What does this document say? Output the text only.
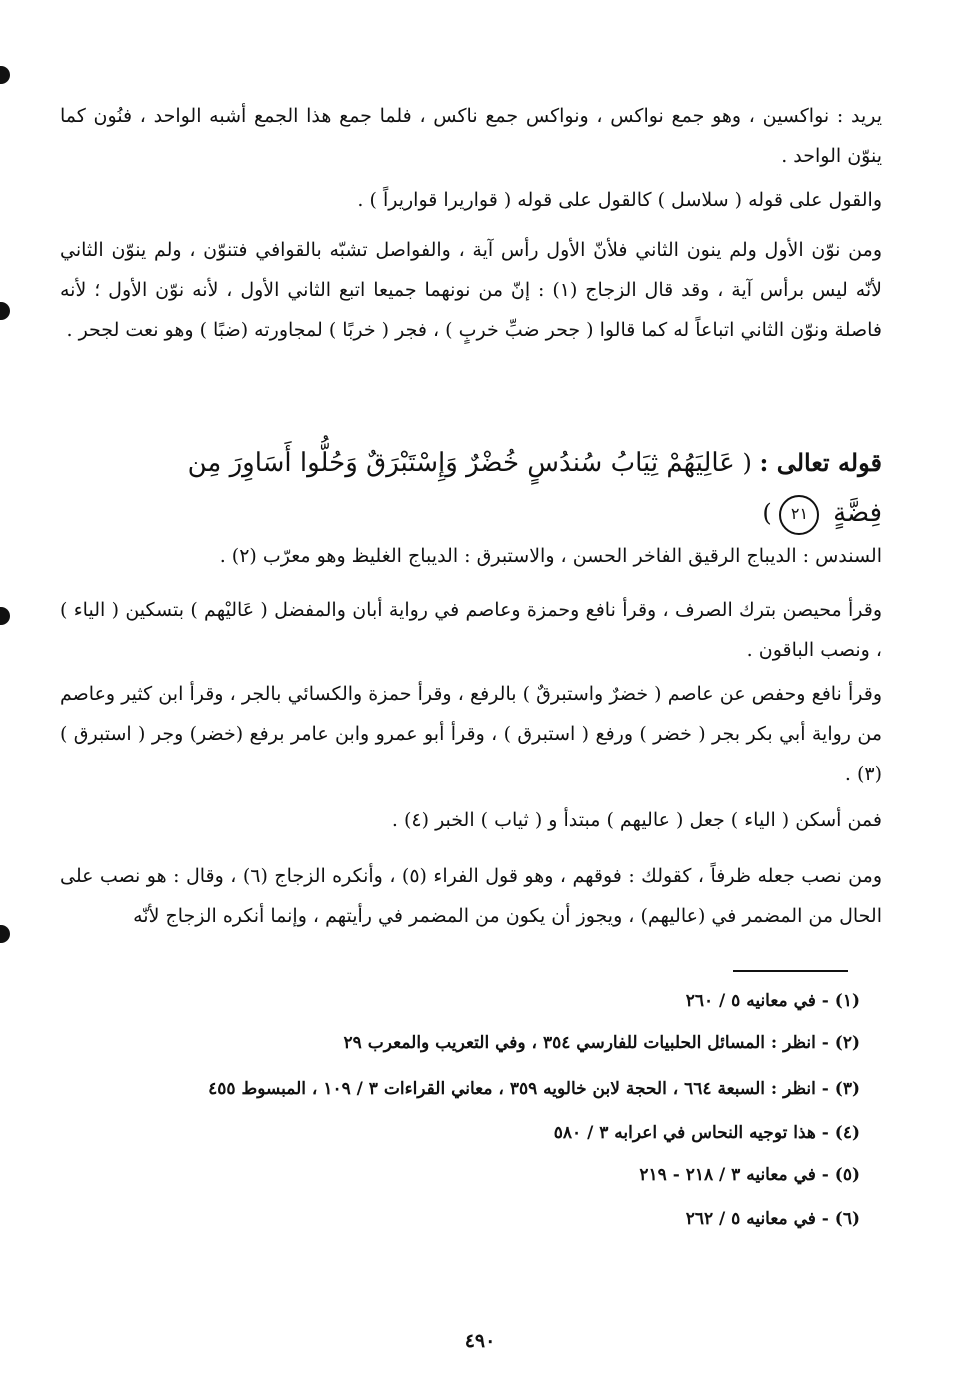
يريد : نواكسين ، وهو جمع نواكس ، ونواكس جمع ناكس ، فلما جمع هذا الجمع أشبه الواحد ، فنُون كما ينوّن الواحد .

والقول على قوله ( سلاسل ) كالقول على قوله ( قواريرا قواريراً ) .

ومن نوّن الأول ولم ينون الثاني فلأنّ الأول رأس آية ، والفواصل تشبّه بالقوافي فتنوّن ، ولم ينوّن الثاني لأنّه ليس برأس آية ، وقد قال الزجاج (١) : إنّ من نونهما جميعا اتبع الثاني الأول ، لأنه نوّن الأول ؛ لأنه فاصلة ونوّن الثاني اتباعاً له كما قالوا ( جحر ضبِّ خربٍ ) ، فجر ( خربًا ) لمجاورته (ضبًا ) وهو نعت لجحر .

قوله تعالى : ( عَالِيَهُمْ ثِيَابُ سُندُسٍ خُضْرٌ وَإِسْتَبْرَقٌ وَحُلُّوا أَسَاوِرَ مِن فِضَّةٍ ٢١ )

السندس : الديباج الرقيق الفاخر الحسن ، والاستبرق : الديباج الغليظ وهو معرّب (٢) .

وقرأ محيصن بترك الصرف ، وقرأ نافع وحمزة وعاصم في رواية أبان والمفضل ( عَاليْهم ) بتسكين ( الياء ) ، ونصب الباقون .

وقرأ نافع وحفص عن عاصم ( خضرٌ واستبرقٌ ) بالرفع ، وقرأ حمزة والكسائي بالجر ، وقرأ ابن كثير وعاصم من رواية أبي بكر بجر ( خضر ) ورفع ( استبرق ) ، وقرأ أبو عمرو وابن عامر برفع (خضر) وجر ( استبرق )(٣) .

فمن أسكن ( الياء ) جعل ( عاليهم ) مبتدأ و ( ثياب ) الخبر (٤) .

ومن نصب جعله ظرفاً ، كقولك : فوقهم ، وهو قول الفراء (٥) ، وأنكره الزجاج (٦) ، وقال : هو نصب على الحال من المضمر في (عاليهم) ، ويجوز أن يكون من المضمر في رأيتهم ، وإنما أنكره الزجاج لأنّه

(١) - في معانيه ٥ / ٢٦٠
(٢) - انظر : المسائل الحلبيات للفارسي ٣٥٤ ، وفي التعريب والمعرب ٢٩
(٣) - انظر : السبعة ٦٦٤ ، الحجة لابن خالويه ٣٥٩ ، معاني القراءات ٣ / ١٠٩ ، المبسوط ٤٥٥
(٤) - هذا توجيه النحاس في اعرابه ٣ / ٥٨٠
(٥) - في معانيه ٣ / ٢١٨ - ٢١٩
(٦) - في معانيه ٥ / ٢٦٢
٤٩٠
